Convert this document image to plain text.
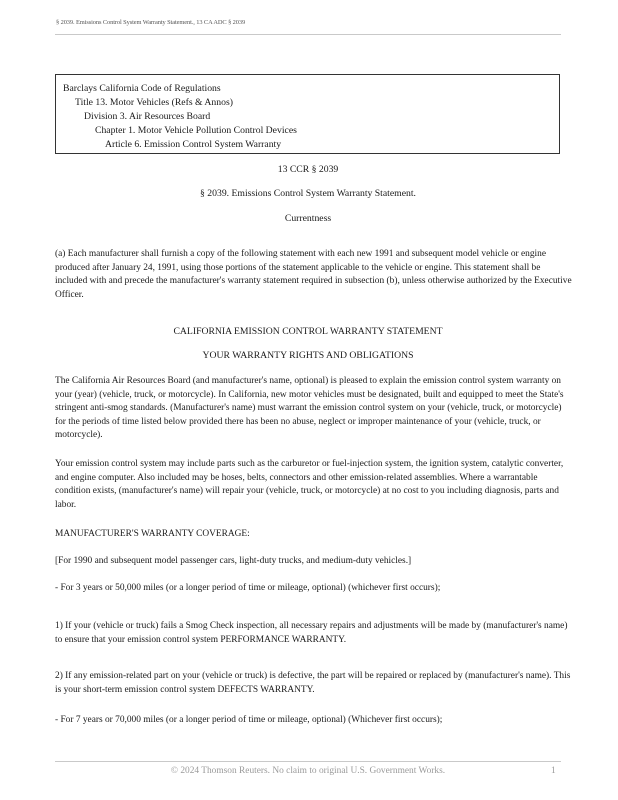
§ 2039. Emissions Control System Warranty Statement., 13 CA ADC § 2039
Barclays California Code of Regulations
Title 13. Motor Vehicles (Refs & Annos)
Division 3. Air Resources Board
Chapter 1. Motor Vehicle Pollution Control Devices
Article 6. Emission Control System Warranty
13 CCR § 2039
§ 2039. Emissions Control System Warranty Statement.
Currentness
(a) Each manufacturer shall furnish a copy of the following statement with each new 1991 and subsequent model vehicle or engine produced after January 24, 1991, using those portions of the statement applicable to the vehicle or engine. This statement shall be included with and precede the manufacturer's warranty statement required in subsection (b), unless otherwise authorized by the Executive Officer.
CALIFORNIA EMISSION CONTROL WARRANTY STATEMENT
YOUR WARRANTY RIGHTS AND OBLIGATIONS
The California Air Resources Board (and manufacturer's name, optional) is pleased to explain the emission control system warranty on your (year) (vehicle, truck, or motorcycle). In California, new motor vehicles must be designated, built and equipped to meet the State's stringent anti-smog standards. (Manufacturer's name) must warrant the emission control system on your (vehicle, truck, or motorcycle) for the periods of time listed below provided there has been no abuse, neglect or improper maintenance of your (vehicle, truck, or motorcycle).
Your emission control system may include parts such as the carburetor or fuel-injection system, the ignition system, catalytic converter, and engine computer. Also included may be hoses, belts, connectors and other emission-related assemblies. Where a warrantable condition exists, (manufacturer's name) will repair your (vehicle, truck, or motorcycle) at no cost to you including diagnosis, parts and labor.
MANUFACTURER'S WARRANTY COVERAGE:
[For 1990 and subsequent model passenger cars, light-duty trucks, and medium-duty vehicles.]
- For 3 years or 50,000 miles (or a longer period of time or mileage, optional) (whichever first occurs);
1) If your (vehicle or truck) fails a Smog Check inspection, all necessary repairs and adjustments will be made by (manufacturer's name) to ensure that your emission control system PERFORMANCE WARRANTY.
2) If any emission-related part on your (vehicle or truck) is defective, the part will be repaired or replaced by (manufacturer's name). This is your short-term emission control system DEFECTS WARRANTY.
- For 7 years or 70,000 miles (or a longer period of time or mileage, optional) (Whichever first occurs);
© 2024 Thomson Reuters. No claim to original U.S. Government Works.	1
